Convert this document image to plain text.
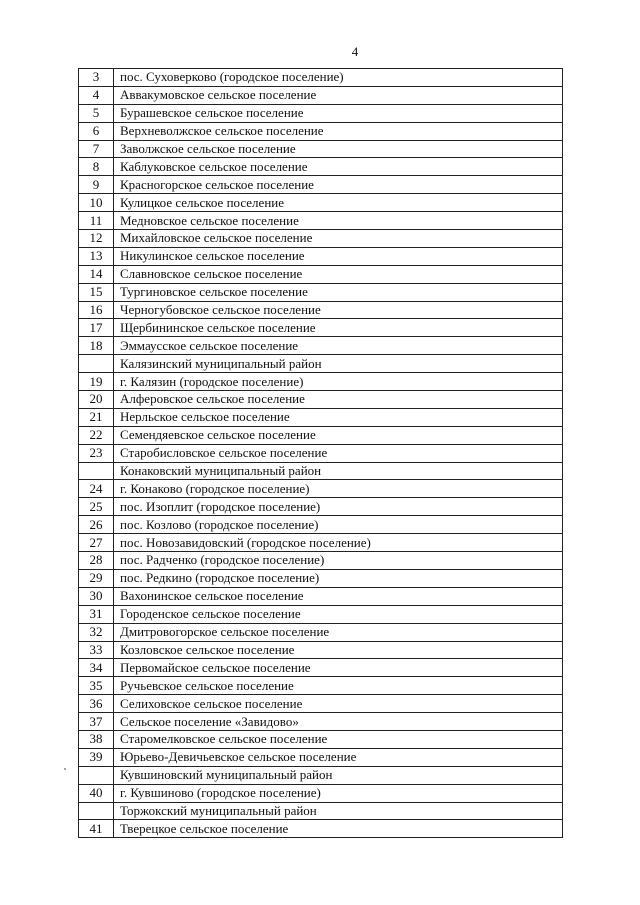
4
3	пос. Суховерково (городское поселение)
4	Аввакумовское сельское поселение
5	Бурашевское сельское поселение
6	Верхневолжское сельское поселение
7	Заволжское сельское поселение
8	Каблуковское сельское поселение
9	Красногорское сельское поселение
10	Кулицкое сельское поселение
11	Медновское сельское поселение
12	Михайловское сельское поселение
13	Никулинское сельское поселение
14	Славновское сельское поселение
15	Тургиновское сельское поселение
16	Черногубовское сельское поселение
17	Щербининское сельское поселение
18	Эммаусское сельское поселение
	Калязинский муниципальный район
19	г. Калязин (городское поселение)
20	Алферовское сельское поселение
21	Нерльское сельское поселение
22	Семендяевское сельское поселение
23	Старобисловское сельское поселение
	Конаковский муниципальный район
24	г. Конаково (городское поселение)
25	пос. Изоплит (городское поселение)
26	пос. Козлово (городское поселение)
27	пос. Новозавидовский (городское поселение)
28	пос. Радченко (городское поселение)
29	пос. Редкино (городское поселение)
30	Вахонинское сельское поселение
31	Городенское сельское поселение
32	Дмитровогорское сельское поселение
33	Козловское сельское поселение
34	Первомайское сельское поселение
35	Ручьевское сельское поселение
36	Селиховское сельское поселение
37	Сельское поселение «Завидово»
38	Старомелковское сельское поселение
39	Юрьево-Девичьевское сельское поселение
	Кувшиновский муниципальный район
40	г. Кувшиново (городское поселение)
	Торжокский муниципальный район
41	Тверецкое сельское поселение
